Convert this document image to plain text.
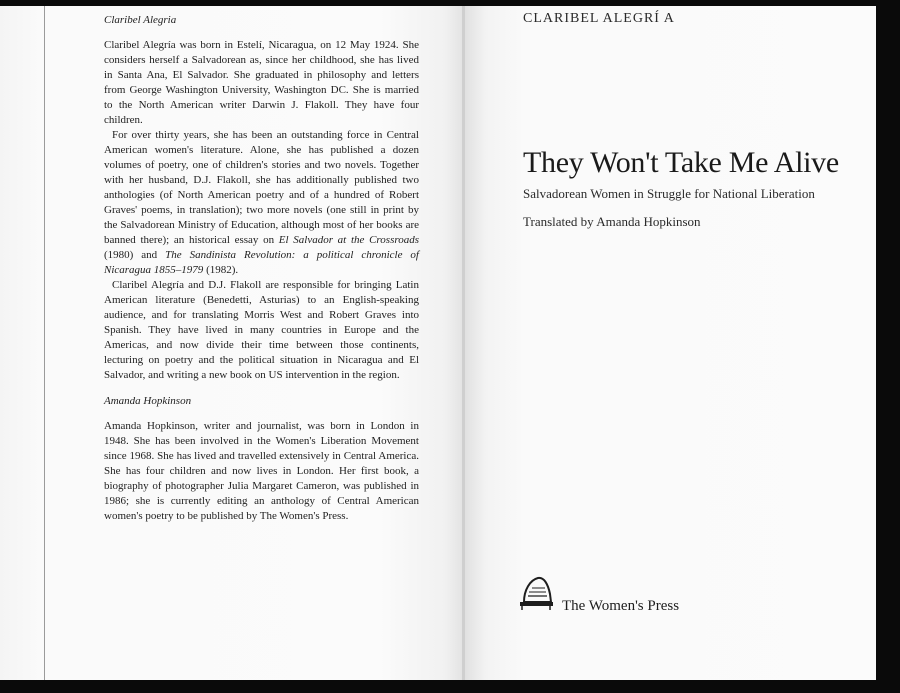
Claribel Alegria

Claribel Alegría was born in Estelí, Nicaragua, on 12 May 1924. She considers herself a Salvadorean as, since her childhood, she has lived in Santa Ana, El Salvador. She graduated in philosophy and letters from George Washington University, Washington DC. She is married to the North American writer Darwin J. Flakoll. They have four children.

For over thirty years, she has been an outstanding force in Central American women's literature. Alone, she has published a dozen volumes of poetry, one of children's stories and two novels. Together with her husband, D.J. Flakoll, she has additionally published two anthologies (of North American poetry and of a hundred of Robert Graves' poems, in translation); two more novels (one still in print by the Salvadorean Ministry of Education, although most of her books are banned there); an historical essay on El Salvador at the Crossroads (1980) and The Sandinista Revolution: a political chronicle of Nicaragua 1855–1979 (1982).

Claribel Alegría and D.J. Flakoll are responsible for bringing Latin American literature (Benedetti, Asturias) to an English-speaking audience, and for translating Morris West and Robert Graves into Spanish. They have lived in many countries in Europe and the Americas, and now divide their time between those continents, lecturing on poetry and the political situation in Nicaragua and El Salvador, and writing a new book on US intervention in the region.

Amanda Hopkinson

Amanda Hopkinson, writer and journalist, was born in London in 1948. She has been involved in the Women's Liberation Movement since 1968. She has lived and travelled extensively in Central America. She has four children and now lives in London. Her first book, a biography of photographer Julia Margaret Cameron, was published in 1986; she is currently editing an anthology of Central American women's poetry to be published by The Women's Press.

CLARIBEL ALEGRÍ A
They Won't Take Me Alive
Salvadorean Women in Struggle for National Liberation
Translated by Amanda Hopkinson
The Women's Press
